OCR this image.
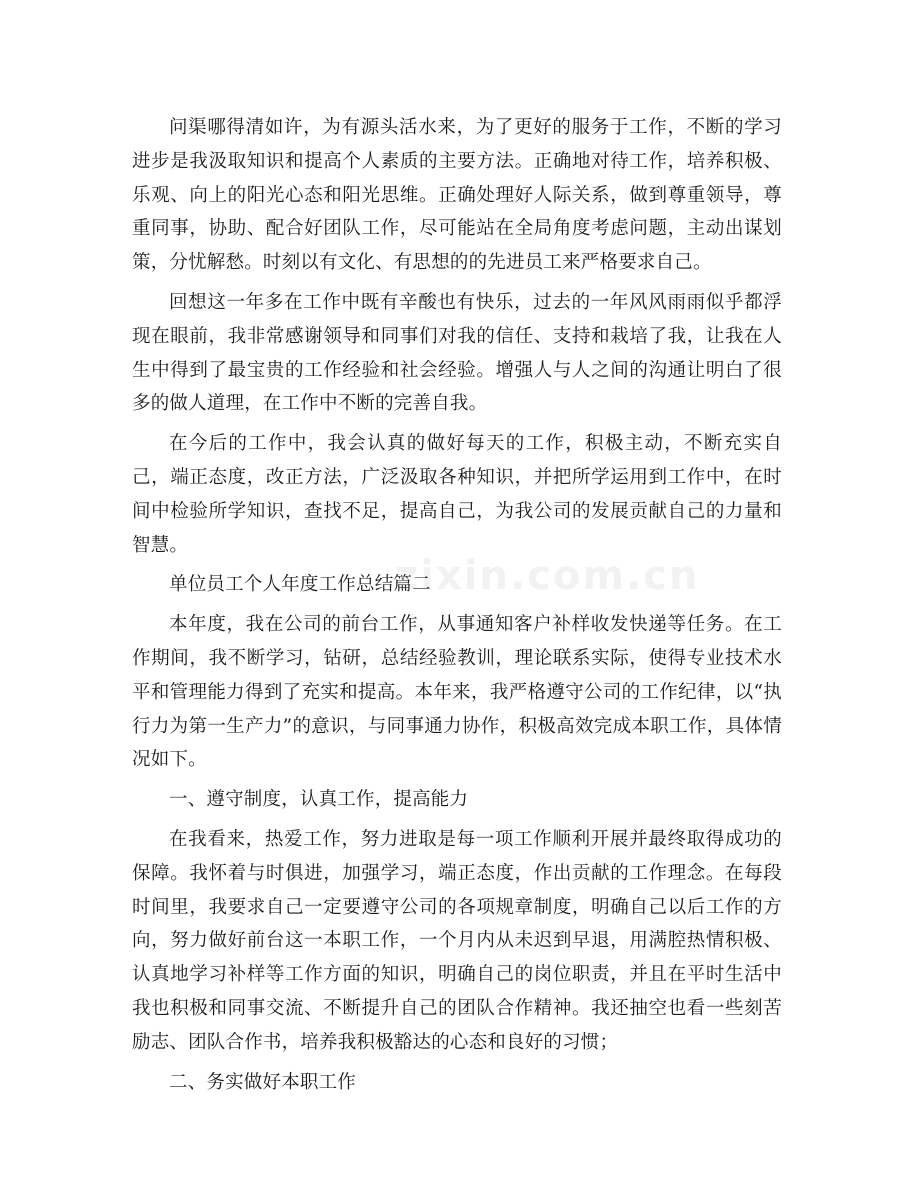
问渠哪得清如许，为有源头活水来，为了更好的服务于工作，不断的学习进步是我汲取知识和提高个人素质的主要方法。正确地对待工作，培养积极、乐观、向上的阳光心态和阳光思维。正确处理好人际关系，做到尊重领导，尊重同事，协助、配合好团队工作，尽可能站在全局角度考虑问题，主动出谋划策，分忧解愁。时刻以有文化、有思想的的先进员工来严格要求自己。

回想这一年多在工作中既有辛酸也有快乐，过去的一年风风雨雨似乎都浮现在眼前，我非常感谢领导和同事们对我的信任、支持和栽培了我，让我在人生中得到了最宝贵的工作经验和社会经验。增强人与人之间的沟通让明白了很多的做人道理，在工作中不断的完善自我。

在今后的工作中，我会认真的做好每天的工作，积极主动，不断充实自己，端正态度，改正方法，广泛汲取各种知识，并把所学运用到工作中，在时间中检验所学知识，查找不足，提高自己，为我公司的发展贡献自己的力量和智慧。

单位员工个人年度工作总结篇二

本年度，我在公司的前台工作，从事通知客户补样收发快递等任务。在工作期间，我不断学习，钻研，总结经验教训，理论联系实际，使得专业技术水平和管理能力得到了充实和提高。本年来，我严格遵守公司的工作纪律，以“执行力为第一生产力”的意识，与同事通力协作，积极高效完成本职工作，具体情况如下。

一、遵守制度，认真工作，提高能力

在我看来，热爱工作，努力进取是每一项工作顺利开展并最终取得成功的保障。我怀着与时俱进，加强学习，端正态度，作出贡献的工作理念。在每段时间里，我要求自己一定要遵守公司的各项规章制度，明确自己以后工作的方向，努力做好前台这一本职工作，一个月内从未迟到早退，用满腔热情积极、认真地学习补样等工作方面的知识，明确自己的岗位职责，并且在平时生活中我也积极和同事交流、不断提升自己的团队合作精神。我还抽空也看一些刻苦励志、团队合作书，培养我积极豁达的心态和良好的习惯；

二、务实做好本职工作

zixin.com.cn
